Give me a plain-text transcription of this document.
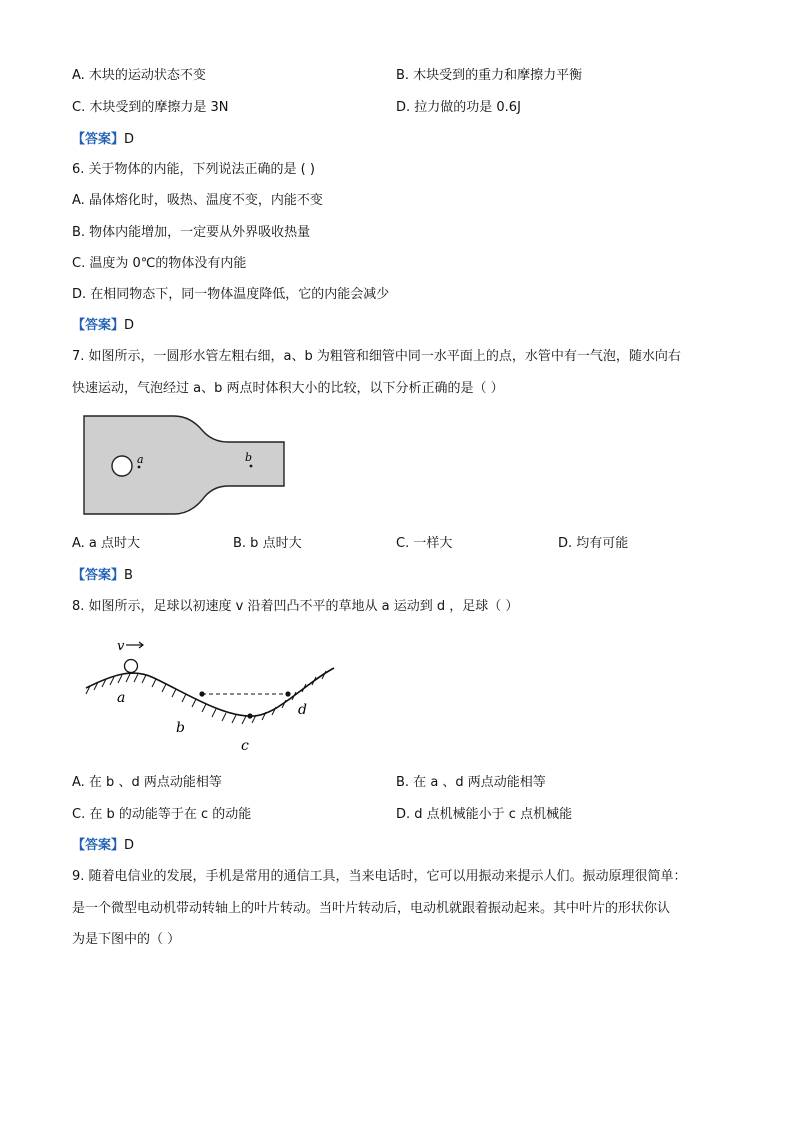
A. 木块的运动状态不变	B. 木块受到的重力和摩擦力平衡
C. 木块受到的摩擦力是 3N	D. 拉力做的功是 0.6J
【答案】D
6. 关于物体的内能，下列说法正确的是 ( )
A. 晶体熔化时，吸热、温度不变，内能不变
B. 物体内能增加，一定要从外界吸收热量
C. 温度为 0℃的物体没有内能
D. 在相同物态下，同一物体温度降低，它的内能会减少
【答案】D
7. 如图所示，一圆形水管左粗右细，a、b 为粗管和细管中同一水平面上的点，水管中有一气泡，随水向右
快速运动，气泡经过 a、b 两点时体积大小的比较，以下分析正确的是（ ）
a	b
A. a 点时大	B. b 点时大	C. 一样大	D. 均有可能
【答案】B
8. 如图所示，足球以初速度 v 沿着凹凸不平的草地从 a 运动到 d ，足球（ ）
v
a
b
c
d
A. 在 b 、d 两点动能相等	B. 在 a 、d 两点动能相等
C. 在 b 的动能等于在 c 的动能	D. d 点机械能小于 c 点机械能
【答案】D
9. 随着电信业的发展，手机是常用的通信工具，当来电话时，它可以用振动来提示人们。振动原理很简单：
是一个微型电动机带动转轴上的叶片转动。当叶片转动后，电动机就跟着振动起来。其中叶片的形状你认
为是下图中的（ ）
